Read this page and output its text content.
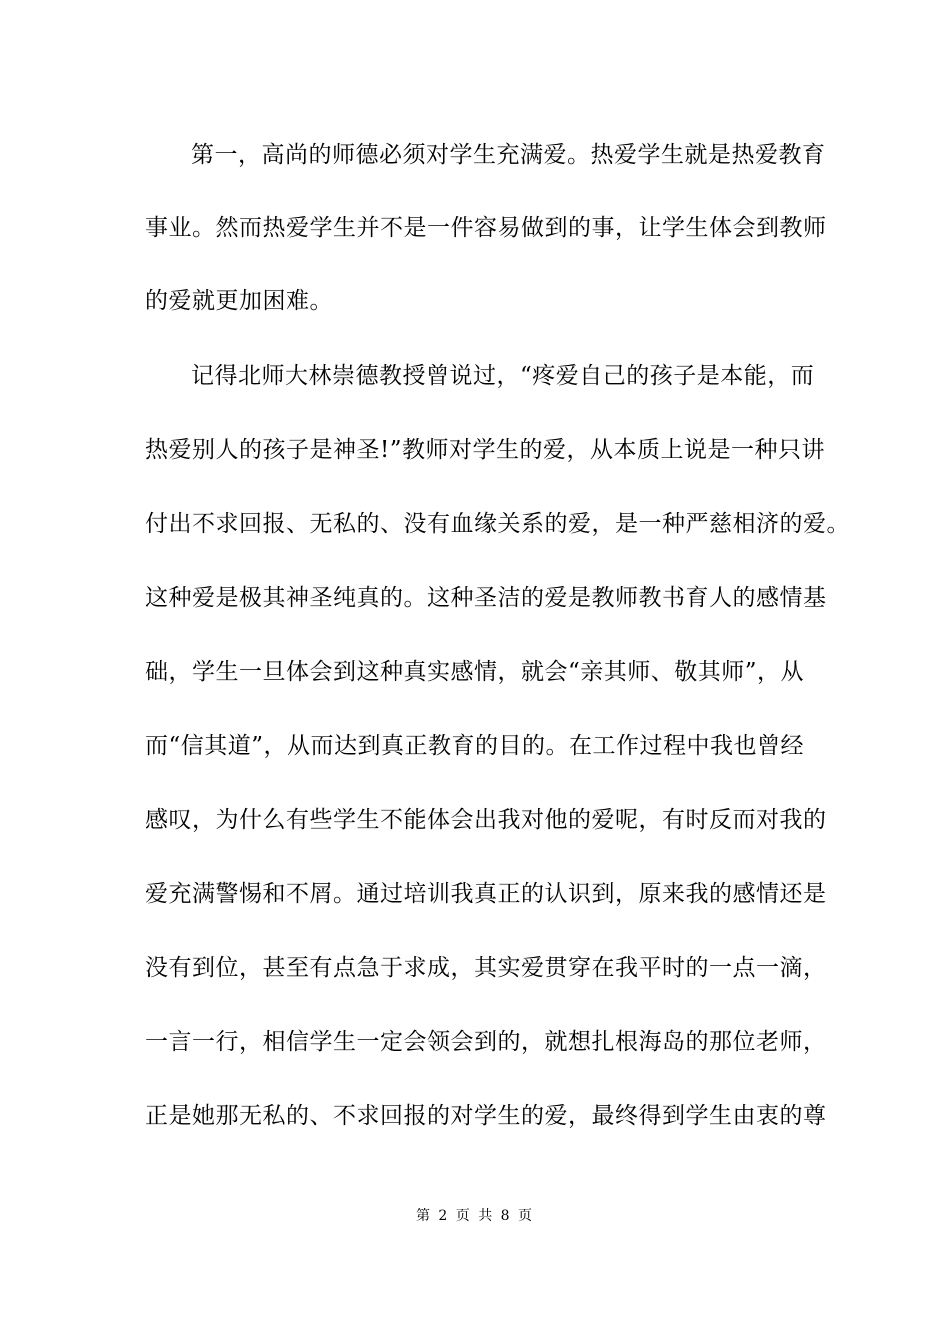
第一，高尚的师德必须对学生充满爱。热爱学生就是热爱教育
事业。然而热爱学生并不是一件容易做到的事，让学生体会到教师
的爱就更加困难。
记得北师大林崇德教授曾说过，“疼爱自己的孩子是本能，而
热爱别人的孩子是神圣!”教师对学生的爱，从本质上说是一种只讲
付出不求回报、无私的、没有血缘关系的爱，是一种严慈相济的爱。
这种爱是极其神圣纯真的。这种圣洁的爱是教师教书育人的感情基
础，学生一旦体会到这种真实感情，就会“亲其师、敬其师”，从
而“信其道”，从而达到真正教育的目的。在工作过程中我也曾经
感叹，为什么有些学生不能体会出我对他的爱呢，有时反而对我的
爱充满警惕和不屑。通过培训我真正的认识到，原来我的感情还是
没有到位，甚至有点急于求成，其实爱贯穿在我平时的一点一滴，
一言一行，相信学生一定会领会到的，就想扎根海岛的那位老师，
正是她那无私的、不求回报的对学生的爱，最终得到学生由衷的尊
第 2 页 共 8 页
